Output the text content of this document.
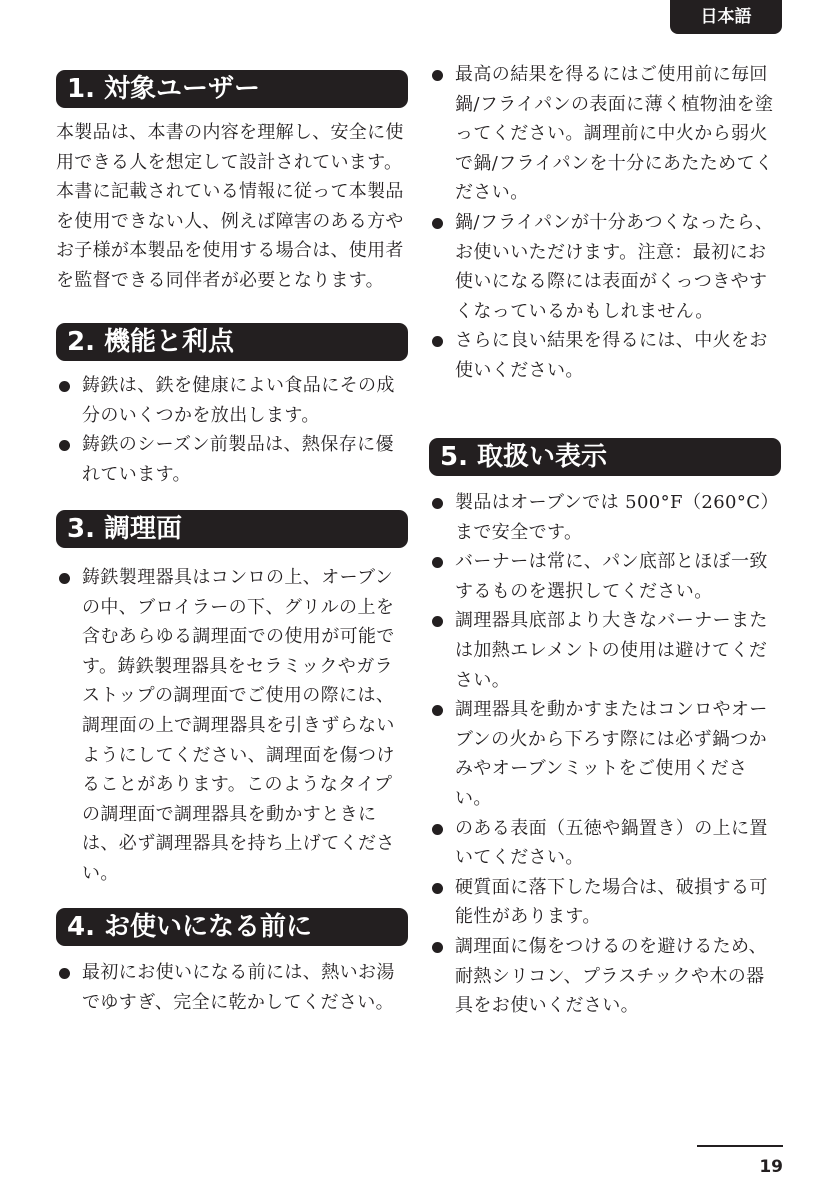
日本語
1. 対象ユーザー

本製品は、本書の内容を理解し、安全に使用できる人を想定して設計されています。本書に記載されている情報に従って本製品を使用できない人、例えば障害のある方やお子様が本製品を使用する場合は、使用者を監督できる同伴者が必要となります。

2. 機能と利点
鋳鉄は、鉄を健康によい食品にその成分のいくつかを放出します。
鋳鉄のシーズン前製品は、熱保存に優れています。
3. 調理面
鋳鉄製理器具はコンロの上、オーブンの中、ブロイラーの下、グリルの上を含むあらゆる調理面での使用が可能です。鋳鉄製理器具をセラミックやガラストップの調理面でご使用の際には、調理面の上で調理器具を引きずらないようにしてください、調理面を傷つけることがあります。このようなタイプの調理面で調理器具を動かすときには、必ず調理器具を持ち上げてください。
4. お使いになる前に
最初にお使いになる前には、熱いお湯でゆすぎ、完全に乾かしてください。
最高の結果を得るにはご使用前に毎回鍋/フライパンの表面に薄く植物油を塗ってください。調理前に中火から弱火で鍋/フライパンを十分にあたためてください。
鍋/フライパンが十分あつくなったら、お使いいただけます。注意：最初にお使いになる際には表面がくっつきやすくなっているかもしれません。
さらに良い結果を得るには、中火をお使いください。
5. 取扱い表示
製品はオーブンでは 500°F（260°C）まで安全です。
バーナーは常に、パン底部とほぼ一致するものを選択してください。
調理器具底部より大きなバーナーまたは加熱エレメントの使用は避けてください。
調理器具を動かすまたはコンロやオーブンの火から下ろす際には必ず鍋つかみやオーブンミットをご使用ください。
のある表面（五徳や鍋置き）の上に置いてください。
硬質面に落下した場合は、破損する可能性があります。
調理面に傷をつけるのを避けるため、耐熱シリコン、プラスチックや木の器具をお使いください。
19
